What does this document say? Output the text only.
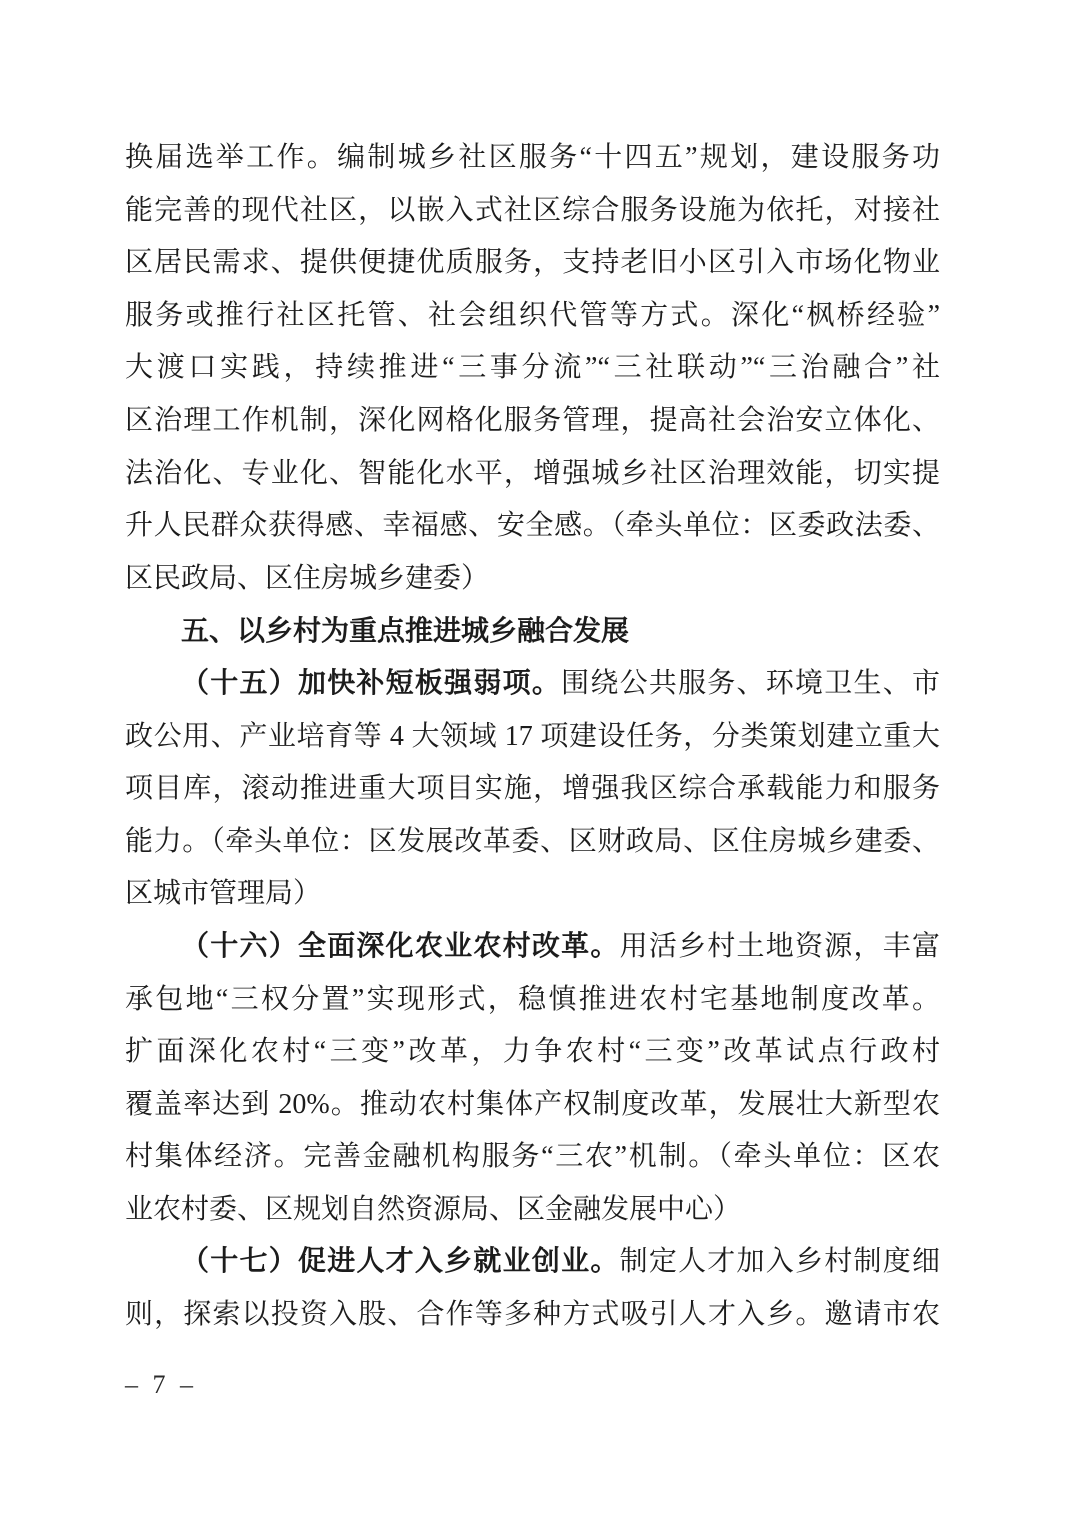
换届选举工作。编制城乡社区服务“十四五”规划，建设服务功
能完善的现代社区，以嵌入式社区综合服务设施为依托，对接社
区居民需求、提供便捷优质服务，支持老旧小区引入市场化物业
服务或推行社区托管、社会组织代管等方式。深化“枫桥经验”
大渡口实践，持续推进“三事分流”“三社联动”“三治融合”社
区治理工作机制，深化网格化服务管理，提高社会治安立体化、
法治化、专业化、智能化水平，增强城乡社区治理效能，切实提
升人民群众获得感、幸福感、安全感。（牵头单位：区委政法委、
区民政局、区住房城乡建委）
五、以乡村为重点推进城乡融合发展
（十五）加快补短板强弱项。围绕公共服务、环境卫生、市
政公用、产业培育等 4 大领域 17 项建设任务，分类策划建立重大
项目库，滚动推进重大项目实施，增强我区综合承载能力和服务
能力。（牵头单位：区发展改革委、区财政局、区住房城乡建委、
区城市管理局）
（十六）全面深化农业农村改革。用活乡村土地资源，丰富
承包地“三权分置”实现形式，稳慎推进农村宅基地制度改革。
扩面深化农村“三变”改革，力争农村“三变”改革试点行政村
覆盖率达到 20%。推动农村集体产权制度改革，发展壮大新型农
村集体经济。完善金融机构服务“三农”机制。（牵头单位：区农
业农村委、区规划自然资源局、区金融发展中心）
（十七）促进人才入乡就业创业。制定人才加入乡村制度细
则，探索以投资入股、合作等多种方式吸引人才入乡。邀请市农
– 7 –
